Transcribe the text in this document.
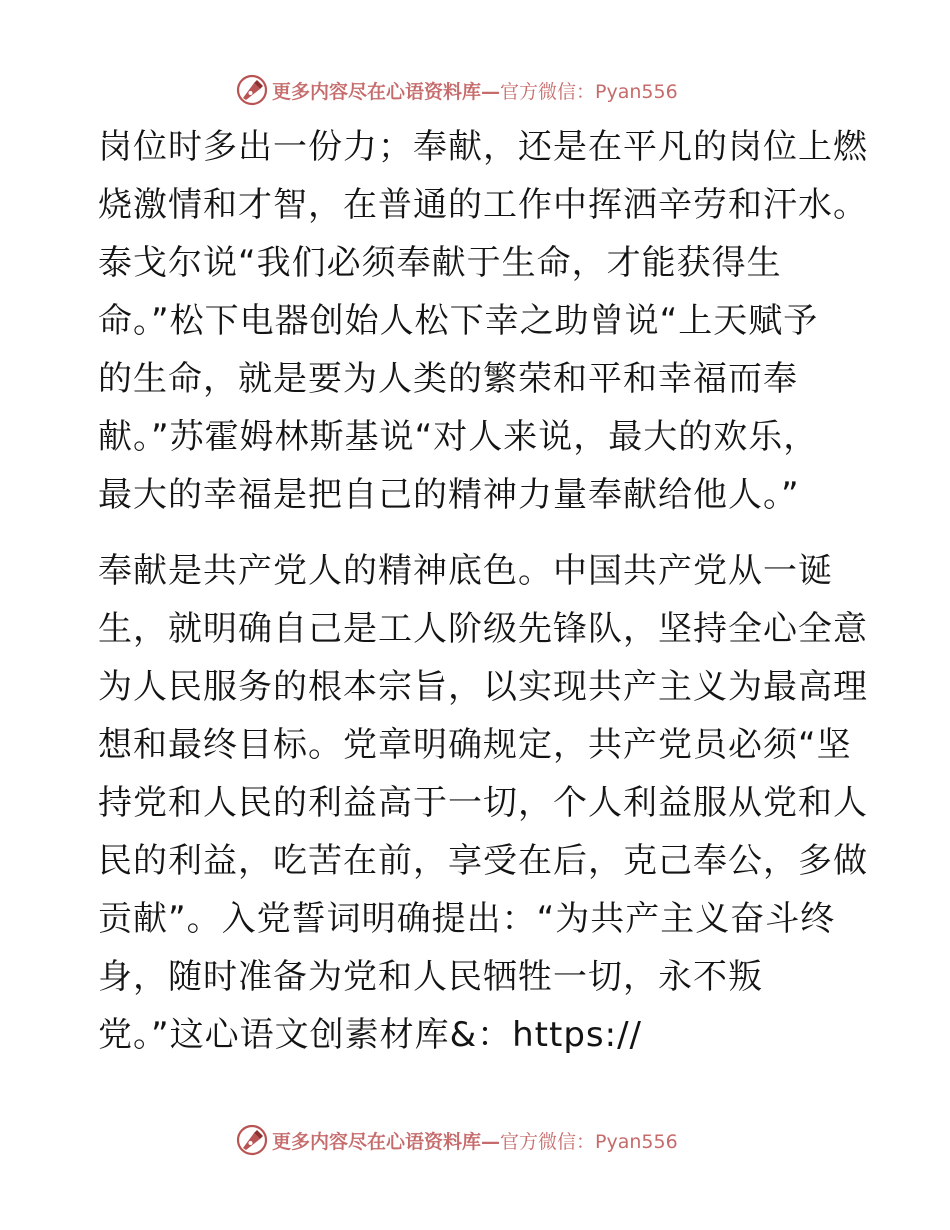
更多内容尽在心语资料库— 官方微信：Pyan556
岗位时多出一份力；奉献，还是在平凡的岗位上燃
烧激情和才智，在普通的工作中挥洒辛劳和汗水。
泰戈尔说“我们必须奉献于生命，才能获得生
命。”松下电器创始人松下幸之助曾说“上天赋予
的生命，就是要为人类的繁荣和平和幸福而奉
献。”苏霍姆林斯基说“对人来说，最大的欢乐，
最大的幸福是把自己的精神力量奉献给他人。”
奉献是共产党人的精神底色。中国共产党从一诞
生，就明确自己是工人阶级先锋队，坚持全心全意
为人民服务的根本宗旨，以实现共产主义为最高理
想和最终目标。党章明确规定，共产党员必须“坚
持党和人民的利益高于一切，个人利益服从党和人
民的利益，吃苦在前，享受在后，克己奉公，多做
贡献”。入党誓词明确提出：“为共产主义奋斗终
身，随时准备为党和人民牺牲一切，永不叛
党。”这心语文创素材库&：https://
更多内容尽在心语资料库— 官方微信：Pyan556
